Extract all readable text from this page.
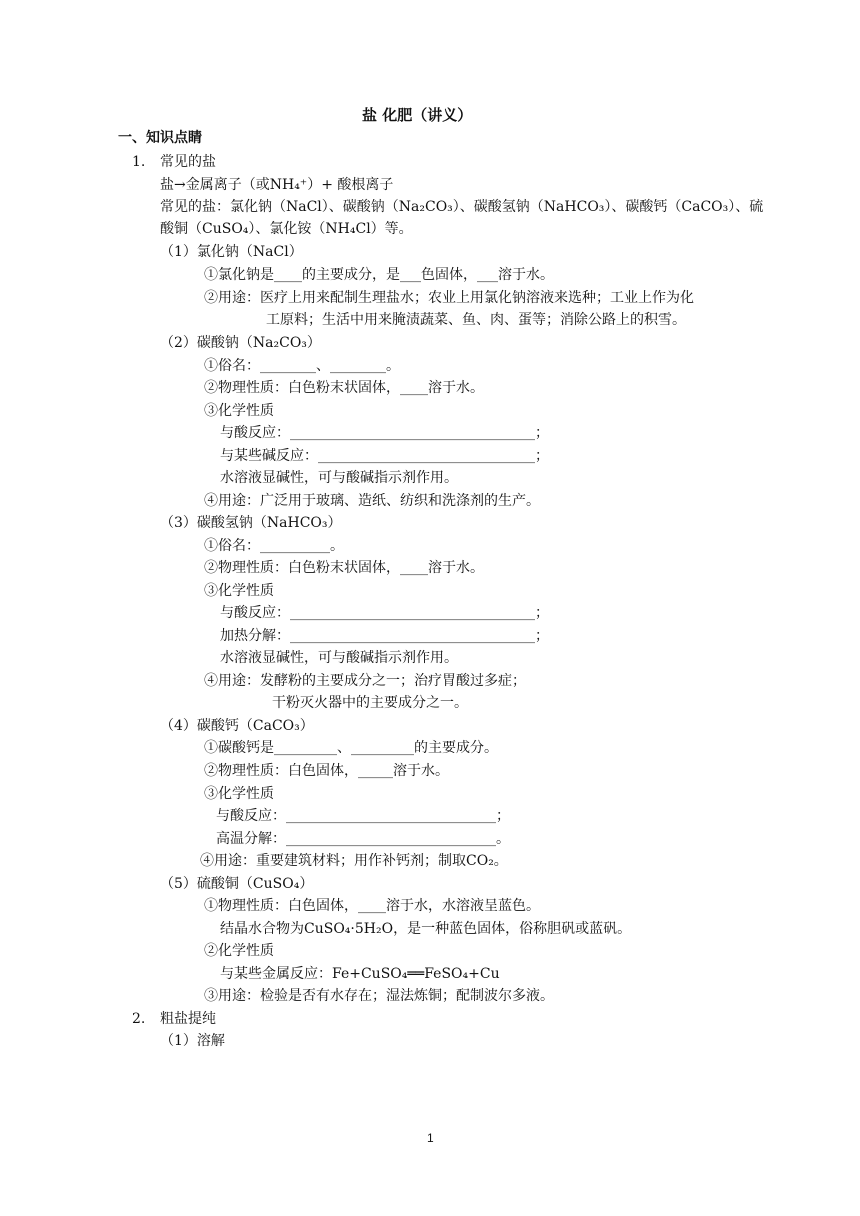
盐 化肥（讲义）
一、知识点睛
1. 常见的盐
盐→金属离子（或NH₄⁺）+ 酸根离子
常见的盐：氯化钠（NaCl）、碳酸钠（Na₂CO₃）、碳酸氢钠（NaHCO₃）、碳酸钙（CaCO₃）、硫
酸铜（CuSO₄）、氯化铵（NH₄Cl）等。
（1）氯化钠（NaCl）
①氯化钠是____的主要成分，是___色固体，___溶于水。
②用途：医疗上用来配制生理盐水；农业上用氯化钠溶液来选种；工业上作为化
工原料；生活中用来腌渍蔬菜、鱼、肉、蛋等；消除公路上的积雪。
（2）碳酸钠（Na₂CO₃）
①俗名：________、________。
②物理性质：白色粉末状固体，____溶于水。
③化学性质
与酸反应：___________________________________；
与某些碱反应：_______________________________；
水溶液显碱性，可与酸碱指示剂作用。
④用途：广泛用于玻璃、造纸、纺织和洗涤剂的生产。
（3）碳酸氢钠（NaHCO₃）
①俗名：__________。
②物理性质：白色粉末状固体，____溶于水。
③化学性质
与酸反应：___________________________________；
加热分解：___________________________________；
水溶液显碱性，可与酸碱指示剂作用。
④用途：发酵粉的主要成分之一；治疗胃酸过多症；
干粉灭火器中的主要成分之一。
（4）碳酸钙（CaCO₃）
①碳酸钙是_________、_________的主要成分。
②物理性质：白色固体，_____溶于水。
③化学性质
与酸反应：______________________________；
高温分解：______________________________。
④用途：重要建筑材料；用作补钙剂；制取CO₂。
（5）硫酸铜（CuSO₄）
①物理性质：白色固体，____溶于水，水溶液呈蓝色。
结晶水合物为CuSO₄·5H₂O，是一种蓝色固体，俗称胆矾或蓝矾。
②化学性质
与某些金属反应：Fe+CuSO₄══FeSO₄+Cu
③用途：检验是否有水存在；湿法炼铜；配制波尔多液。
2. 粗盐提纯
（1）溶解
1
